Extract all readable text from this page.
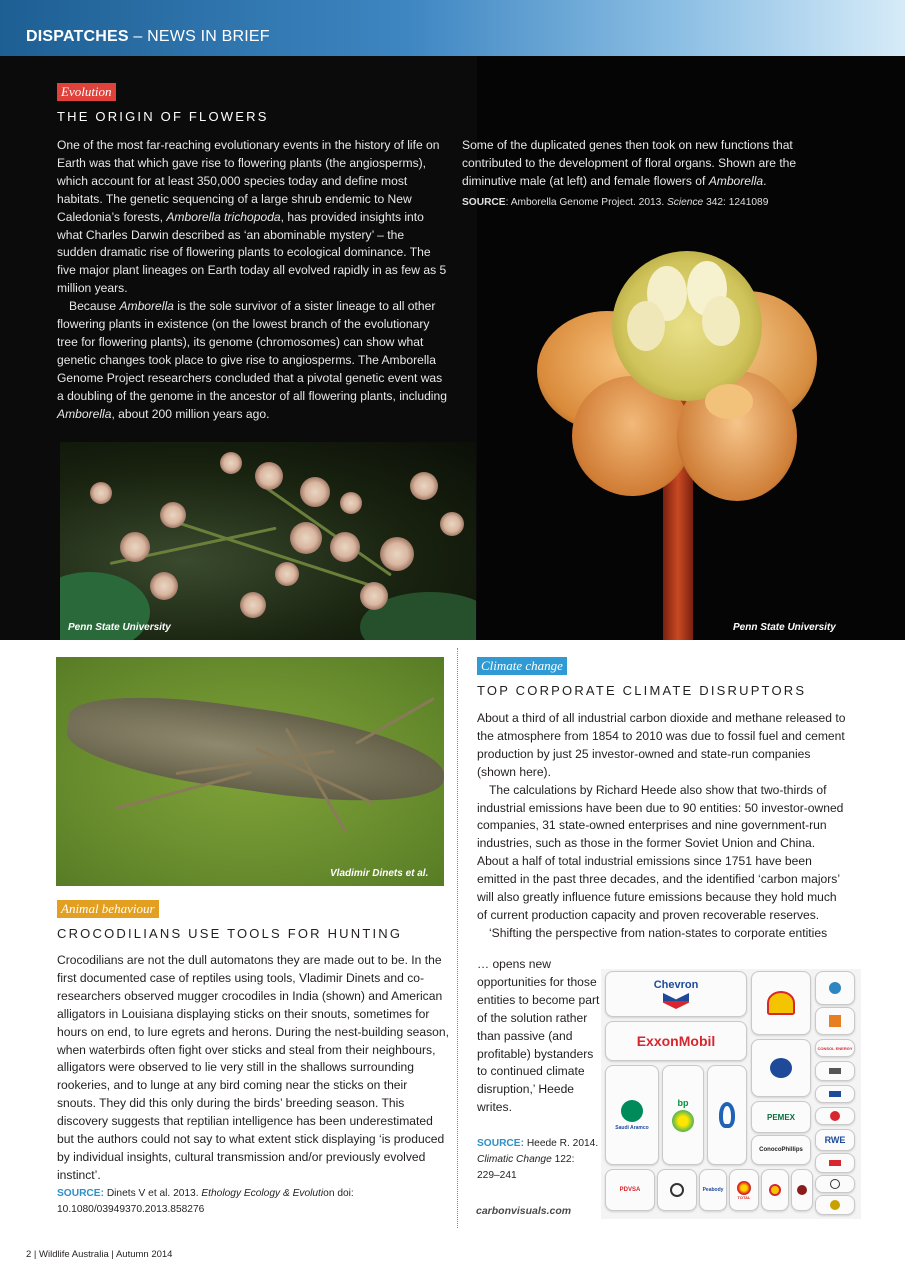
DISPATCHES – NEWS IN BRIEF
Evolution
THE ORIGIN OF FLOWERS

One of the most far-reaching evolutionary events in the history of life on Earth was that which gave rise to flowering plants (the angiosperms), which account for at least 350,000 species today and define most habitats. The genetic sequencing of a large shrub endemic to New Caledonia’s forests, Amborella trichopoda, has provided insights into what Charles Darwin described as ‘an abominable mystery’ – the sudden dramatic rise of flowering plants to ecological dominance. The five major plant lineages on Earth today all evolved rapidly in as few as 5 million years.

Because Amborella is the sole survivor of a sister lineage to all other flowering plants in existence (on the lowest branch of the evolutionary tree for flowering plants), its genome (chromosomes) can show what genetic changes took place to give rise to angiosperms. The Amborella Genome Project researchers concluded that a pivotal genetic event was a doubling of the genome in the ancestor of all flowering plants, including Amborella, about 200 million years ago.

Some of the duplicated genes then took on new functions that contributed to the development of floral organs. Shown are the diminutive male (at left) and female flowers of Amborella.

SOURCE: Amborella Genome Project. 2013. Science 342: 1241089
Penn State University	Penn State University
Vladimir Dinets et al.
Animal behaviour
CROCODILIANS USE TOOLS FOR HUNTING
Crocodilians are not the dull automatons they are made out to be. In the first documented case of reptiles using tools, Vladimir Dinets and co-researchers observed mugger crocodiles in India (shown) and American alligators in Louisiana displaying sticks on their snouts, sometimes for hours on end, to lure egrets and herons. During the nest-building season, when waterbirds often fight over sticks and steal from their neighbours, alligators were observed to lie very still in the shallows surrounding rookeries, and to lunge at any bird coming near the sticks on their snouts. They did this only during the birds’ breeding season. This discovery suggests that reptilian intelligence has been underestimated but the authors could not say to what extent stick displaying ‘is produced by individual insights, cultural transmission and/or previously evolved instinct’.
SOURCE: Dinets V et al. 2013. Ethology Ecology & Evolution doi: 10.1080/03949370.2013.858276
Climate change
TOP CORPORATE CLIMATE DISRUPTORS

About a third of all industrial carbon dioxide and methane released to the atmosphere from 1854 to 2010 was due to fossil fuel and cement production by just 25 investor-owned and state-run companies (shown here).

The calculations by Richard Heede also show that two-thirds of industrial emissions have been due to 90 entities: 50 investor-owned companies, 31 state-owned enterprises and nine government-run industries, such as those in the former Soviet Union and China. About a half of total industrial emissions since 1751 have been emitted in the past three decades, and the identified ‘carbon majors’ will also greatly influence future emissions because they hold much of current production capacity and proven recoverable reserves.

‘Shifting the perspective from nation-states to corporate entities

… opens new opportunities for those entities to become part of the solution rather than passive (and profitable) bystanders to continued climate disruption,’ Heede writes.
SOURCE: Heede R. 2014. Climatic Change 122: 229–241
carbonvisuals.com
Chevron
ExxonMobil	CONSOL ENERGY
Saudi Aramco
bp
PEMEX
ConocoPhillips
RWE
PDVSA	Peabody
TOTAL
2 | Wildlife Australia | Autumn 2014
